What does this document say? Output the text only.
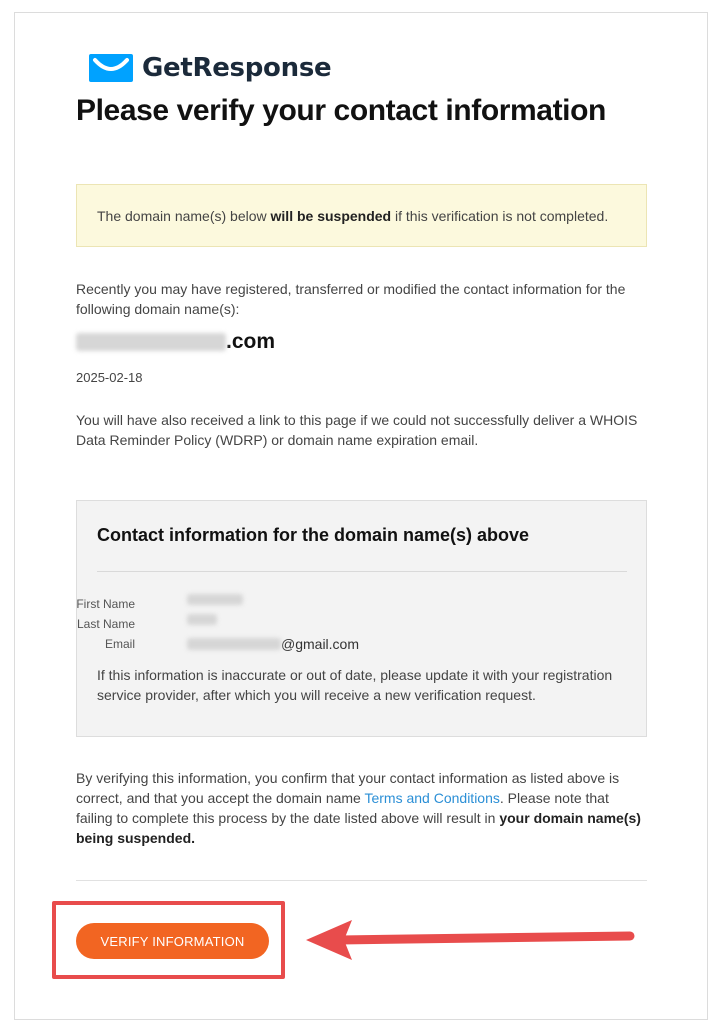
GetResponse
Please verify your contact information
The domain name(s) below will be suspended if this verification is not completed.
Recently you may have registered, transferred or modified the contact information for the following domain name(s):
.com
2025-02-18
You will have also received a link to this page if we could not successfully deliver a WHOIS Data Reminder Policy (WDRP) or domain name expiration email.
Contact information for the domain name(s) above
First Name
Last Name
Email	@gmail.com
If this information is inaccurate or out of date, please update it with your registration service provider, after which you will receive a new verification request.
By verifying this information, you confirm that your contact information as listed above is correct, and that you accept the domain name Terms and Conditions. Please note that failing to complete this process by the date listed above will result in your domain name(s) being suspended.
VERIFY INFORMATION
